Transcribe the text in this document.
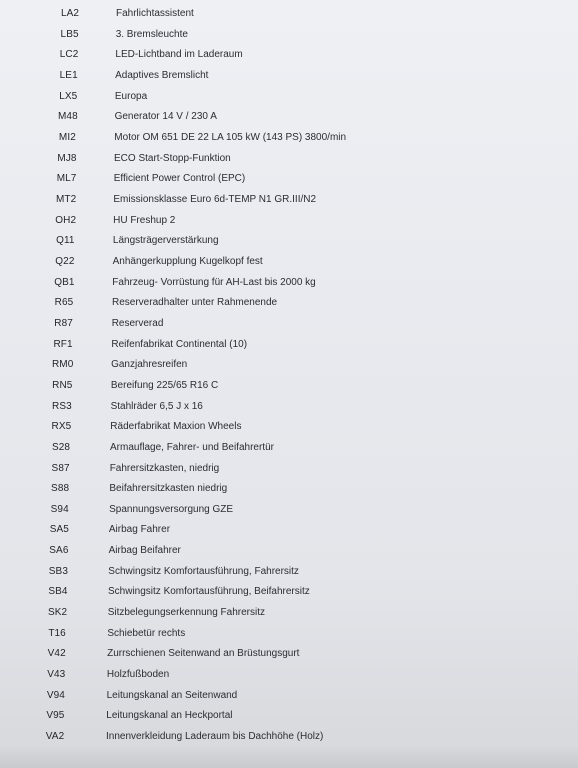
LA2	Fahrlichtassistent
LB5	3. Bremsleuchte
LC2	LED-Lichtband im Laderaum
LE1	Adaptives Bremslicht
LX5	Europa
M48	Generator 14 V / 230 A
MI2	Motor OM 651 DE 22 LA 105 kW (143 PS) 3800/min
MJ8	ECO Start-Stopp-Funktion
ML7	Efficient Power Control (EPC)
MT2	Emissionsklasse Euro 6d-TEMP N1 GR.III/N2
OH2	HU Freshup 2
Q11	Längsträgerverstärkung
Q22	Anhängerkupplung Kugelkopf fest
QB1	Fahrzeug- Vorrüstung für AH-Last bis 2000 kg
R65	Reserveradhalter unter Rahmenende
R87	Reserverad
RF1	Reifenfabrikat Continental (10)
RM0	Ganzjahresreifen
RN5	Bereifung 225/65 R16 C
RS3	Stahlräder 6,5 J x 16
RX5	Räderfabrikat Maxion Wheels
S28	Armauflage, Fahrer- und Beifahrertür
S87	Fahrersitzkasten, niedrig
S88	Beifahrersitzkasten niedrig
S94	Spannungsversorgung GZE
SA5	Airbag Fahrer
SA6	Airbag Beifahrer
SB3	Schwingsitz Komfortausführung, Fahrersitz
SB4	Schwingsitz Komfortausführung, Beifahrersitz
SK2	Sitzbelegungserkennung Fahrersitz
T16	Schiebetür rechts
V42	Zurrschienen Seitenwand an Brüstungsgurt
V43	Holzfußboden
V94	Leitungskanal an Seitenwand
V95	Leitungskanal an Heckportal
VA2	Innenverkleidung Laderaum bis Dachhöhe (Holz)
